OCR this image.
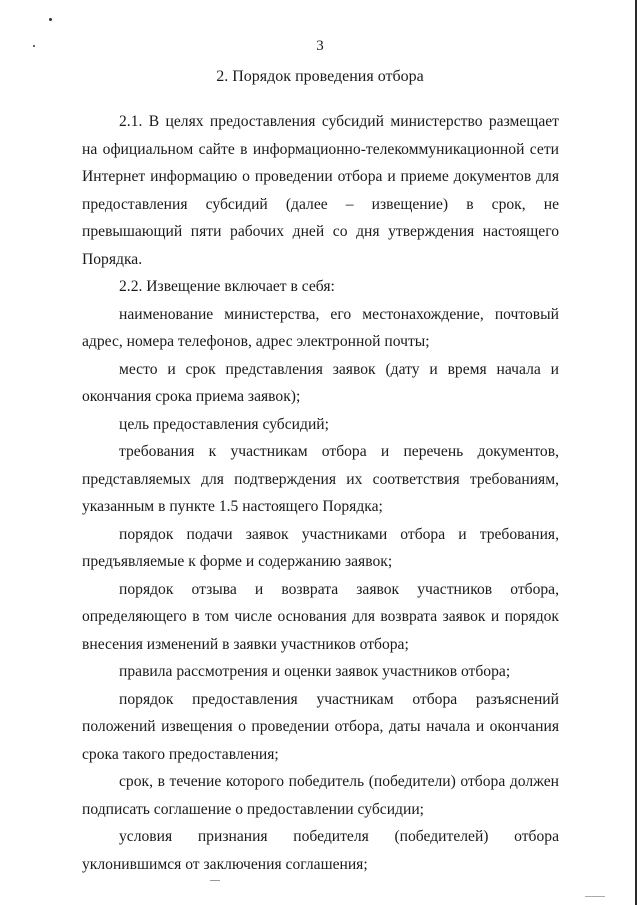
3
2. Порядок проведения отбора

2.1. В целях предоставления субсидий министерство размещает на официальном сайте в информационно-телекоммуникационной сети Интернет информацию о проведении отбора и приеме документов для предоставления субсидий (далее – извещение) в срок, не превышающий пяти рабочих дней со дня утверждения настоящего Порядка.

2.2. Извещение включает в себя:

наименование министерства, его местонахождение, почтовый адрес, номера телефонов, адрес электронной почты;

место и срок представления заявок (дату и время начала и окончания срока приема заявок);

цель предоставления субсидий;

требования к участникам отбора и перечень документов, представляемых для подтверждения их соответствия требованиям, указанным в пункте 1.5 настоящего Порядка;

порядок подачи заявок участниками отбора и требования, предъявляемые к форме и содержанию заявок;

порядок отзыва и возврата заявок участников отбора, определяющего в том числе основания для возврата заявок и порядок внесения изменений в заявки участников отбора;

правила рассмотрения и оценки заявок участников отбора;

порядок предоставления участникам отбора разъяснений положений извещения о проведении отбора, даты начала и окончания срока такого предоставления;

срок, в течение которого победитель (победители) отбора должен подписать соглашение о предоставлении субсидии;

условия признания победителя (победителей) отбора уклонившимся от заключения соглашения;
